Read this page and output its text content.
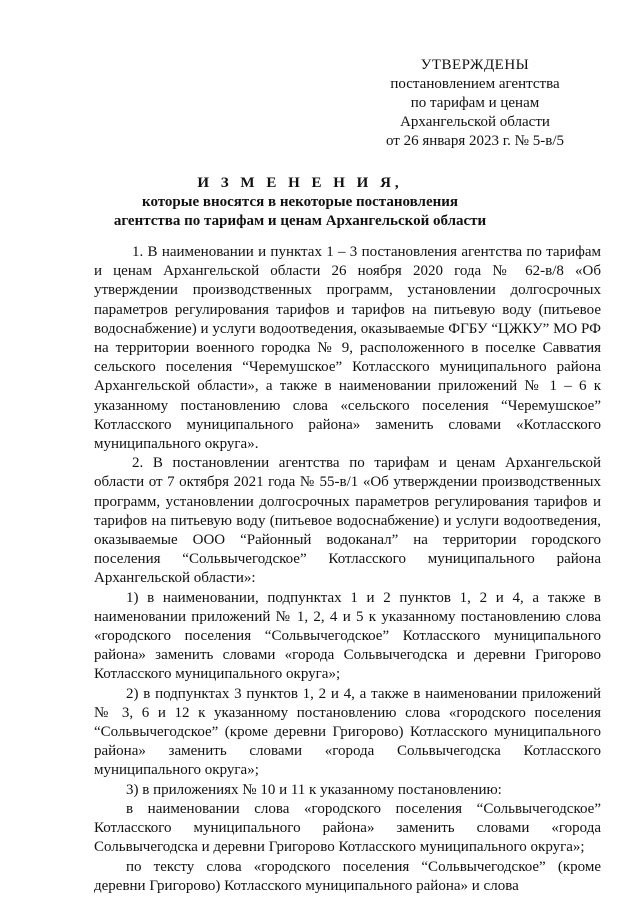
УТВЕРЖДЕНЫ
постановлением агентства
по тарифам и ценам
Архангельской области
от 26 января 2023 г. № 5-в/5
И З М Е Н Е Н И Я,
которые вносятся в некоторые постановления
агентства по тарифам и ценам Архангельской области

1. В наименовании и пунктах 1 – 3 постановления агентства по тарифам и ценам Архангельской области 26 ноября 2020 года № 62-в/8 «Об утверждении производственных программ, установлении долгосрочных параметров регулирования тарифов и тарифов на питьевую воду (питьевое водоснабжение) и услуги водоотведения, оказываемые ФГБУ “ЦЖКУ” МО РФ на территории военного городка № 9, расположенного в поселке Савватия сельского поселения “Черемушское” Котласского муниципального района Архангельской области», а также в наименовании приложений № 1 – 6 к указанному постановлению слова «сельского поселения “Черемушское” Котласского муниципального района» заменить словами «Котласского муниципального округа».

2. В постановлении агентства по тарифам и ценам Архангельской области от 7 октября 2021 года № 55-в/1 «Об утверждении производственных программ, установлении долгосрочных параметров регулирования тарифов и тарифов на питьевую воду (питьевое водоснабжение) и услуги водоотведения, оказываемые ООО “Районный водоканал” на территории городского поселения “Сольвычегодское” Котласского муниципального района Архангельской области»:

1) в наименовании, подпунктах 1 и 2 пунктов 1, 2 и 4, а также в наименовании приложений № 1, 2, 4 и 5 к указанному постановлению слова «городского поселения “Сольвычегодское” Котласского муниципального района» заменить словами «города Сольвычегодска и деревни Григорово Котласского муниципального округа»;

2) в подпунктах 3 пунктов 1, 2 и 4, а также в наименовании приложений № 3, 6 и 12 к указанному постановлению слова «городского поселения “Сольвычегодское” (кроме деревни Григорово) Котласского муниципального района» заменить словами «города Сольвычегодска Котласского муниципального округа»;

3) в приложениях № 10 и 11 к указанному постановлению:

в наименовании слова «городского поселения “Сольвычегодское” Котласского муниципального района» заменить словами «города Сольвычегодска и деревни Григорово Котласского муниципального округа»;

по тексту слова «городского поселения “Сольвычегодское” (кроме деревни Григорово) Котласского муниципального района» и слова
